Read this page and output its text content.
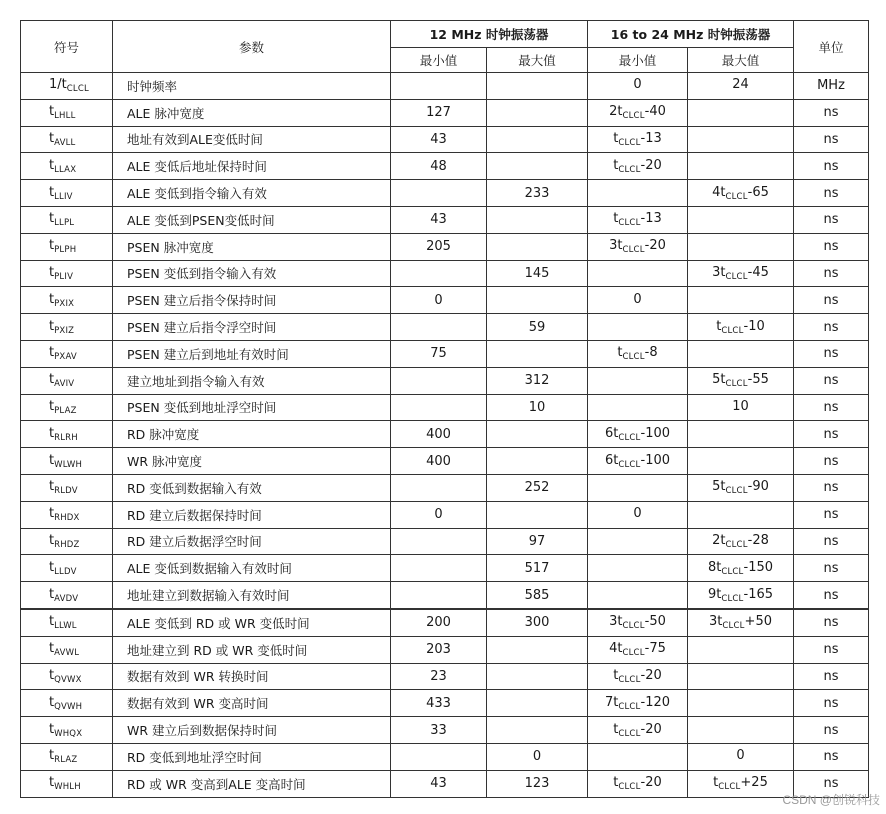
符号	参数	12 MHz 时钟振荡器		16 to 24 MHz 时钟振荡器		单位
		最小值	最大值	最小值	最大值	
$1/t_{CLCL}$	时钟频率			0	24	MHz
$t_{LHLL}$	ALE 脉冲宽度	127		$2t_{CLCL}-40$		ns
$t_{AVLL}$	地址有效到ALE变低时间	43		$t_{CLCL}-13$		ns
$t_{LLAX}$	ALE 变低后地址保持时间	48		$t_{CLCL}-20$		ns
$t_{LLIV}$	ALE 变低到指令输入有效		233		$4t_{CLCL}-65$	ns
$t_{LLPL}$	ALE 变低到PSEN变低时间	43		$t_{CLCL}-13$		ns
$t_{PLPH}$	PSEN 脉冲宽度	205		$3t_{CLCL}-20$		ns
$t_{PLIV}$	PSEN 变低到指令输入有效		145		$3t_{CLCL}-45$	ns
$t_{PXIX}$	PSEN 建立后指令保持时间	0		0		ns
$t_{PXIZ}$	PSEN 建立后指令浮空时间		59		$t_{CLCL}-10$	ns
$t_{PXAV}$	PSEN 建立后到地址有效时间	75		$t_{CLCL}-8$		ns
$t_{AVIV}$	建立地址到指令输入有效		312		$5t_{CLCL}-55$	ns
$t_{PLAZ}$	PSEN 变低到地址浮空时间		10		10	ns
$t_{RLRH}$	RD 脉冲宽度	400		$6t_{CLCL}-100$		ns
$t_{WLWH}$	WR 脉冲宽度	400		$6t_{CLCL}-100$		ns
$t_{RLDV}$	RD 变低到数据输入有效		252		$5t_{CLCL}-90$	ns
$t_{RHDX}$	RD 建立后数据保持时间	0		0		ns
$t_{RHDZ}$	RD 建立后数据浮空时间		97		$2t_{CLCL}-28$	ns
$t_{LLDV}$	ALE 变低到数据输入有效时间		517		$8t_{CLCL}-150$	ns
$t_{AVDV}$	地址建立到数据输入有效时间		585		$9t_{CLCL}-165$	ns
$t_{LLWL}$	ALE 变低到 RD 或 WR 变低时间	200	300	$3t_{CLCL}-50$	$3t_{CLCL}+50$	ns
$t_{AVWL}$	地址建立到 RD 或 WR 变低时间	203		$4t_{CLCL}-75$		ns
$t_{QVWX}$	数据有效到 WR 转换时间	23		$t_{CLCL}-20$		ns
$t_{QVWH}$	数据有效到 WR 变高时间	433		$7t_{CLCL}-120$		ns
$t_{WHQX}$	WR 建立后到数据保持时间	33		$t_{CLCL}-20$		ns
$t_{RLAZ}$	RD 变低到地址浮空时间		0		0	ns
$t_{WHLH}$	RD 或 WR 变高到ALE 变高时间	43	123	$t_{CLCL}-20$	$t_{CLCL}+25$	ns
CSDN @创锐科技
